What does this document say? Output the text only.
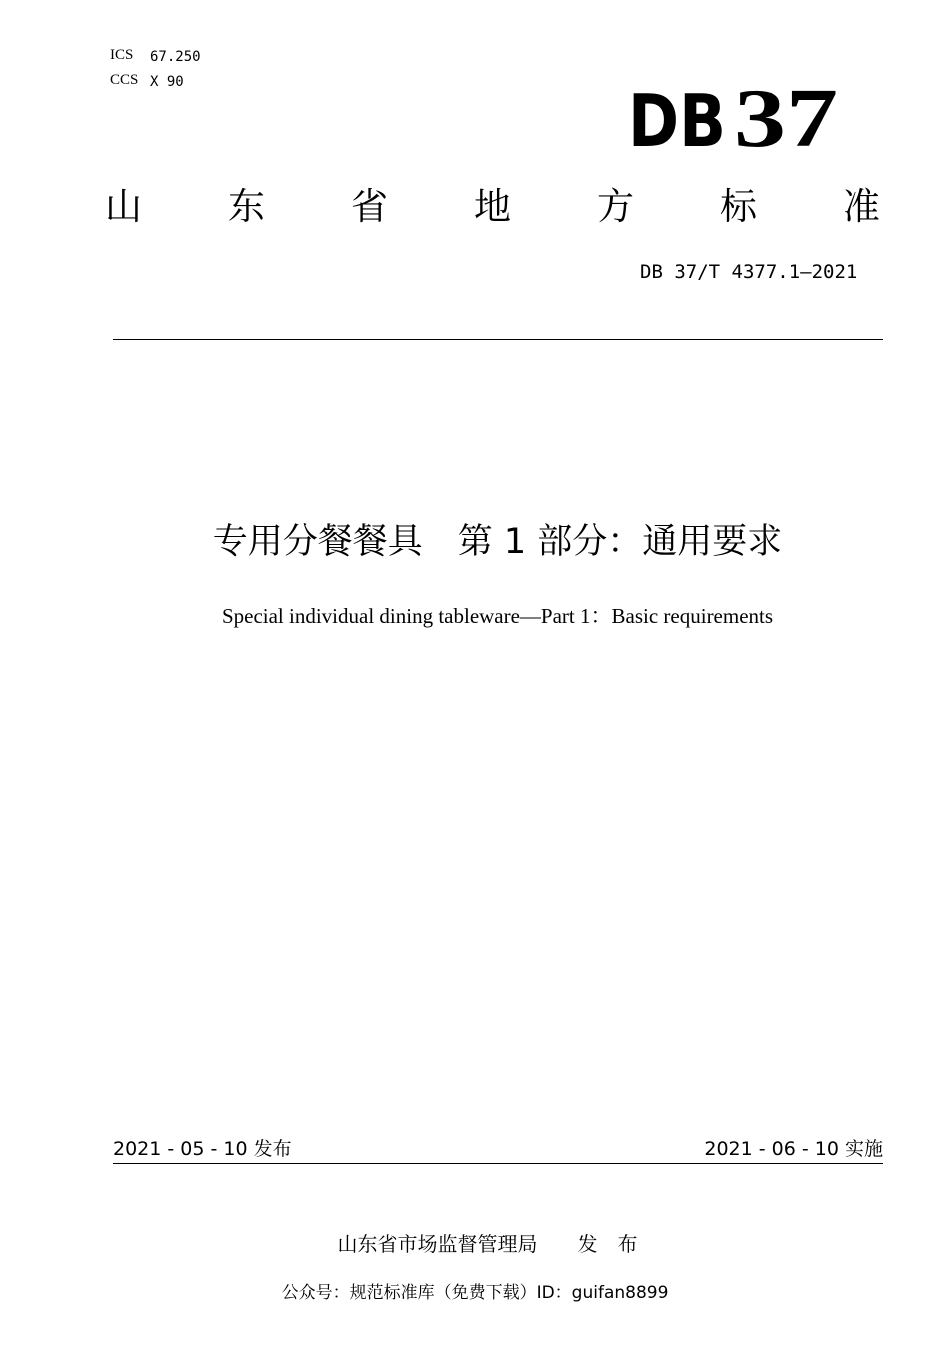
ICS 67.250
CCS X 90	DB 37
山 东 省 地 方 标 准
DB 37/T 4377.1—2021
专用分餐餐具　第 1 部分：通用要求
Special individual dining tableware—Part 1：Basic requirements
2021 - 05 - 10 发布	2021 - 06 - 10 实施
山东省市场监督管理局　　发　布
公众号：规范标准库（免费下载）ID：guifan8899
